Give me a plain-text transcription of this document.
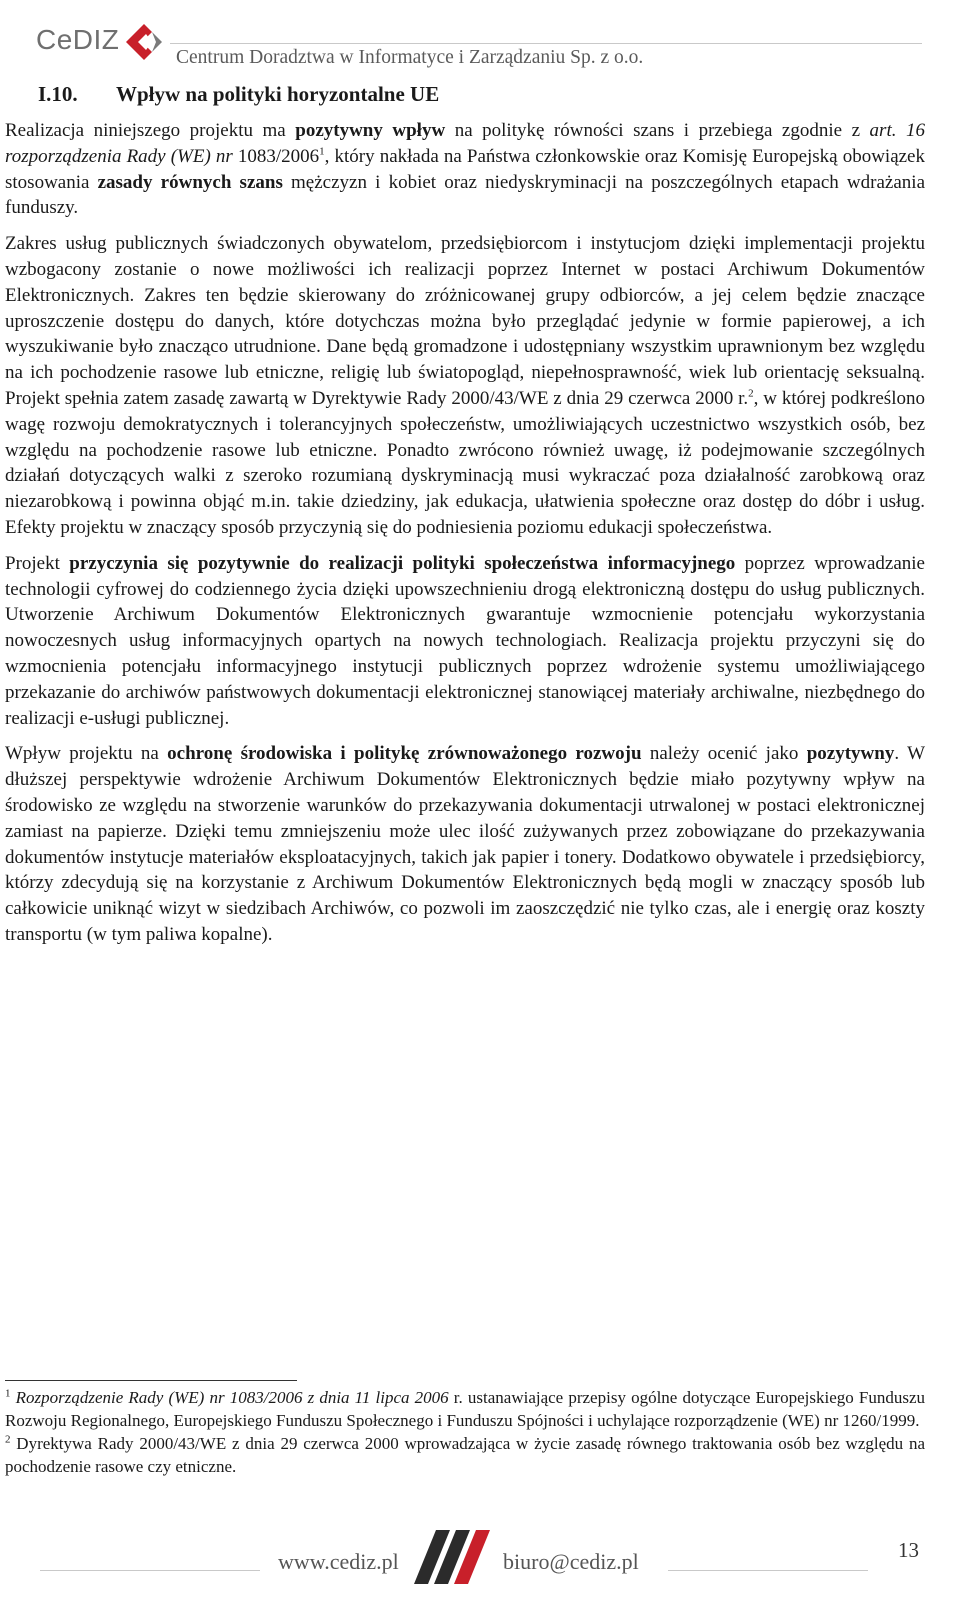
CeDIZ
Centrum Doradztwa w Informatyce i Zarządzaniu Sp. z o.o.
I.10. Wpływ na polityki horyzontalne UE

Realizacja niniejszego projektu ma pozytywny wpływ na politykę równości szans i przebiega zgodnie z art. 16 rozporządzenia Rady (WE) nr 1083/2006$^1$, który nakłada na Państwa członkowskie oraz Komisję Europejską obowiązek stosowania zasady równych szans mężczyzn i kobiet oraz niedyskryminacji na poszczególnych etapach wdrażania funduszy.

Zakres usług publicznych świadczonych obywatelom, przedsiębiorcom i instytucjom dzięki implementacji projektu wzbogacony zostanie o nowe możliwości ich realizacji poprzez Internet w postaci Archiwum Dokumentów Elektronicznych. Zakres ten będzie skierowany do zróżnicowanej grupy odbiorców, a jej celem będzie znaczące uproszczenie dostępu do danych, które dotychczas można było przeglądać jedynie w formie papierowej, a ich wyszukiwanie było znacząco utrudnione. Dane będą gromadzone i udostępniany wszystkim uprawnionym bez względu na ich pochodzenie rasowe lub etniczne, religię lub światopogląd, niepełnosprawność, wiek lub orientację seksualną. Projekt spełnia zatem zasadę zawartą w Dyrektywie Rady 2000/43/WE z dnia 29 czerwca 2000 r.$^2$, w której podkreślono wagę rozwoju demokratycznych i tolerancyjnych społeczeństw, umożliwiających uczestnictwo wszystkich osób, bez względu na pochodzenie rasowe lub etniczne. Ponadto zwrócono również uwagę, iż podejmowanie szczególnych działań dotyczących walki z szeroko rozumianą dyskryminacją musi wykraczać poza działalność zarobkową oraz niezarobkową i powinna objąć m.in. takie dziedziny, jak edukacja, ułatwienia społeczne oraz dostęp do dóbr i usług. Efekty projektu w znaczący sposób przyczynią się do podniesienia poziomu edukacji społeczeństwa.

Projekt przyczynia się pozytywnie do realizacji polityki społeczeństwa informacyjnego poprzez wprowadzanie technologii cyfrowej do codziennego życia dzięki upowszechnieniu drogą elektroniczną dostępu do usług publicznych. Utworzenie Archiwum Dokumentów Elektronicznych gwarantuje wzmocnienie potencjału wykorzystania nowoczesnych usług informacyjnych opartych na nowych technologiach. Realizacja projektu przyczyni się do wzmocnienia potencjału informacyjnego instytucji publicznych poprzez wdrożenie systemu umożliwiającego przekazanie do archiwów państwowych dokumentacji elektronicznej stanowiącej materiały archiwalne, niezbędnego do realizacji e-usługi publicznej.

Wpływ projektu na ochronę środowiska i politykę zrównoważonego rozwoju należy ocenić jako pozytywny. W dłuższej perspektywie wdrożenie Archiwum Dokumentów Elektronicznych będzie miało pozytywny wpływ na środowisko ze względu na stworzenie warunków do przekazywania dokumentacji utrwalonej w postaci elektronicznej zamiast na papierze. Dzięki temu zmniejszeniu może ulec ilość zużywanych przez zobowiązane do przekazywania dokumentów instytucje materiałów eksploatacyjnych, takich jak papier i tonery. Dodatkowo obywatele i przedsiębiorcy, którzy zdecydują się na korzystanie z Archiwum Dokumentów Elektronicznych będą mogli w znaczący sposób lub całkowicie uniknąć wizyt w siedzibach Archiwów, co pozwoli im zaoszczędzić nie tylko czas, ale i energię oraz koszty transportu (w tym paliwa kopalne).

$^1$ Rozporządzenie Rady (WE) nr 1083/2006 z dnia 11 lipca 2006 r. ustanawiające przepisy ogólne dotyczące Europejskiego Funduszu Rozwoju Regionalnego, Europejskiego Funduszu Społecznego i Funduszu Spójności i uchylające rozporządzenie (WE) nr 1260/1999.

$^2$ Dyrektywa Rady 2000/43/WE z dnia 29 czerwca 2000 wprowadzająca w życie zasadę równego traktowania osób bez względu na pochodzenie rasowe czy etniczne.

www.cediz.pl	biuro@cediz.pl	13
